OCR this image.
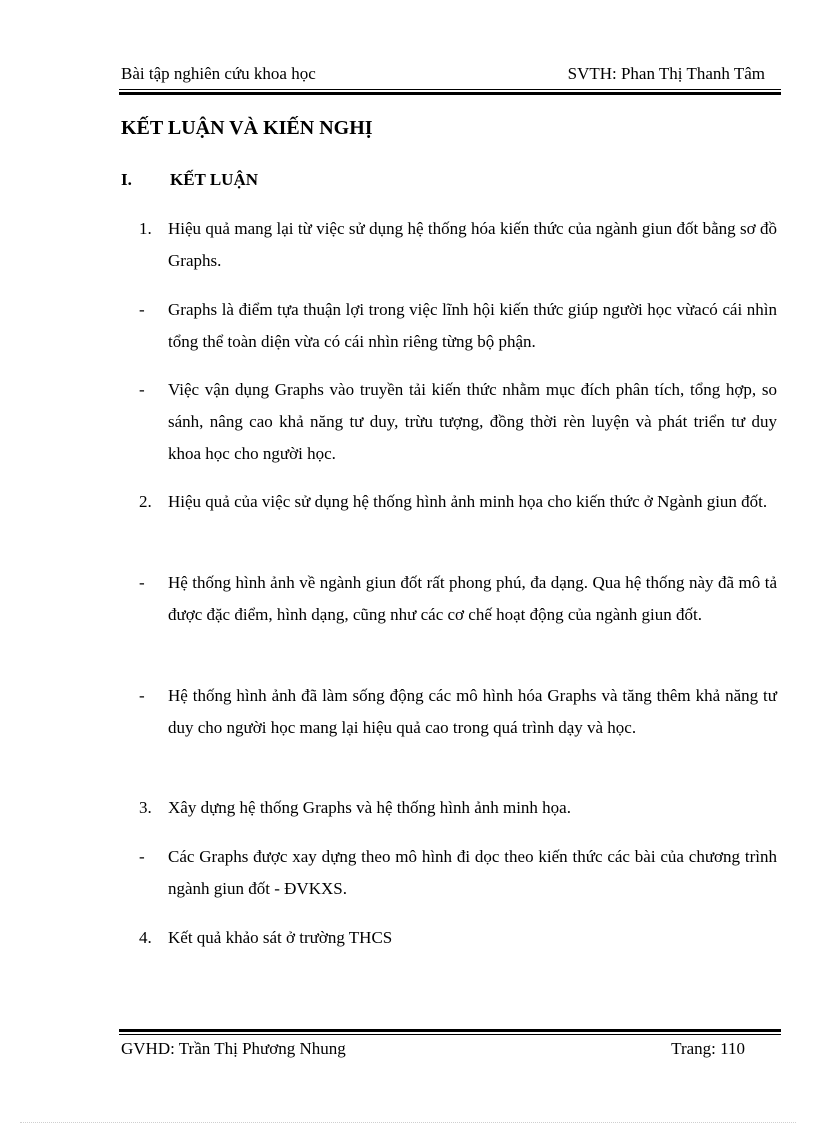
Bài tập nghiên cứu khoa học	SVTH: Phan Thị Thanh Tâm
KẾT LUẬN VÀ KIẾN NGHỊ
I. KẾT LUẬN
1. Hiệu quả mang lại từ việc sử dụng hệ thống hóa kiến thức của ngành giun đốt bằng sơ đồ Graphs.
-	Graphs là điểm tựa thuận lợi trong việc lĩnh hội kiến thức giúp người học vừacó cái nhìn tổng thể toàn diện vừa có cái nhìn riêng từng bộ phận.
-	Việc vận dụng Graphs vào truyền tải kiến thức nhằm mục đích phân tích, tổng hợp, so sánh, nâng cao khả năng tư duy, trừu tượng, đồng thời rèn luyện và phát triển tư duy khoa học cho người học.
2. Hiệu quả của việc sử dụng hệ thống hình ảnh minh họa cho kiến thức ở Ngành giun đốt.
-	Hệ thống hình ảnh về ngành giun đốt rất phong phú, đa dạng. Qua hệ thống này đã mô tả được đặc điểm, hình dạng, cũng như các cơ chế hoạt động của ngành giun đốt.
-	Hệ thống hình ảnh đã làm sống động các mô hình hóa Graphs và tăng thêm khả năng tư duy cho người học mang lại hiệu quả cao trong quá trình dạy và học.
3. Xây dựng hệ thống Graphs và hệ thống hình ảnh minh họa.
-	Các Graphs được xay dựng theo mô hình đi dọc theo kiến thức các bài của chương trình ngành giun đốt - ĐVKXS.
4. Kết quả khảo sát ở trường THCS
GVHD: Trần Thị Phương Nhung	Trang: 110
